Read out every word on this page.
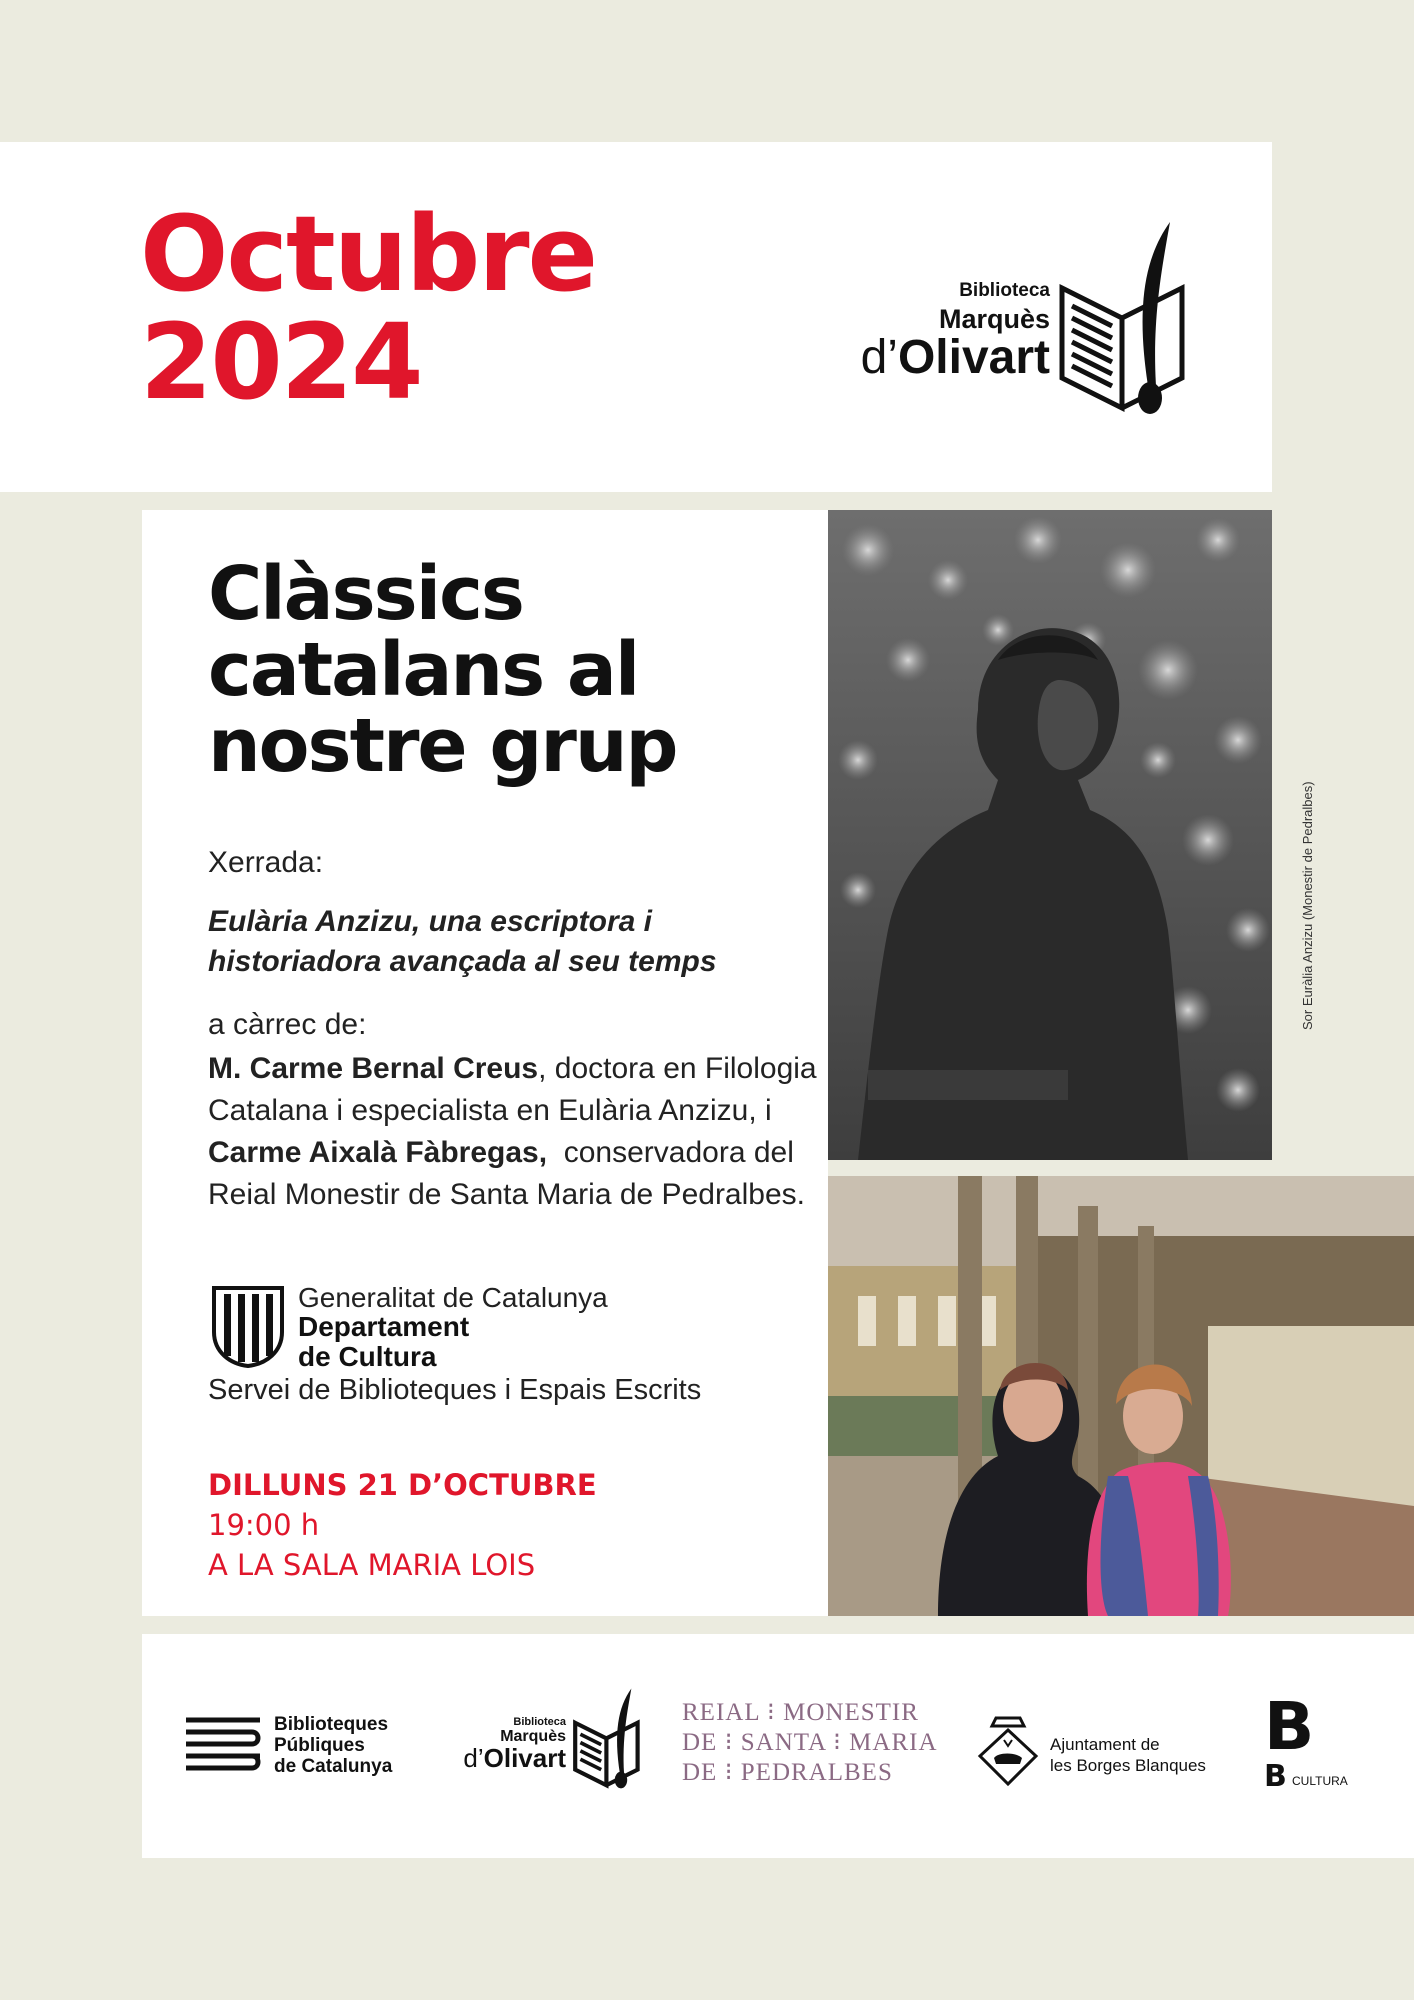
Octubre
2024
Biblioteca
Marquès
d’Olivart
Clàssics
catalans al
nostre grup
Xerrada:
Eulària Anzizu, una escriptora i
historiadora avançada al seu temps
a càrrec de:
M. Carme Bernal Creus, doctora en Filologia
Catalana i especialista en Eulària Anzizu, i
Carme Aixalà Fàbregas,  conservadora del
Reial Monestir de Santa Maria de Pedralbes.
Generalitat de Catalunya
Departament
de Cultura
Servei de Biblioteques i Espais Escrits
DILLUNS 21 D’OCTUBRE
19:00 h
A LA SALA MARIA LOIS
Sor Euràlia Anzizu (Monestir de Pedralbes)
Biblioteques
Públiques
de Catalunya
Biblioteca
Marquès
d’Olivart
REIAL ⁝ MONESTIR
DE ⁝ SANTA ⁝ MARIA
DE ⁝ PEDRALBES
Ajuntament de
les Borges Blanques
B
B CULTURA
